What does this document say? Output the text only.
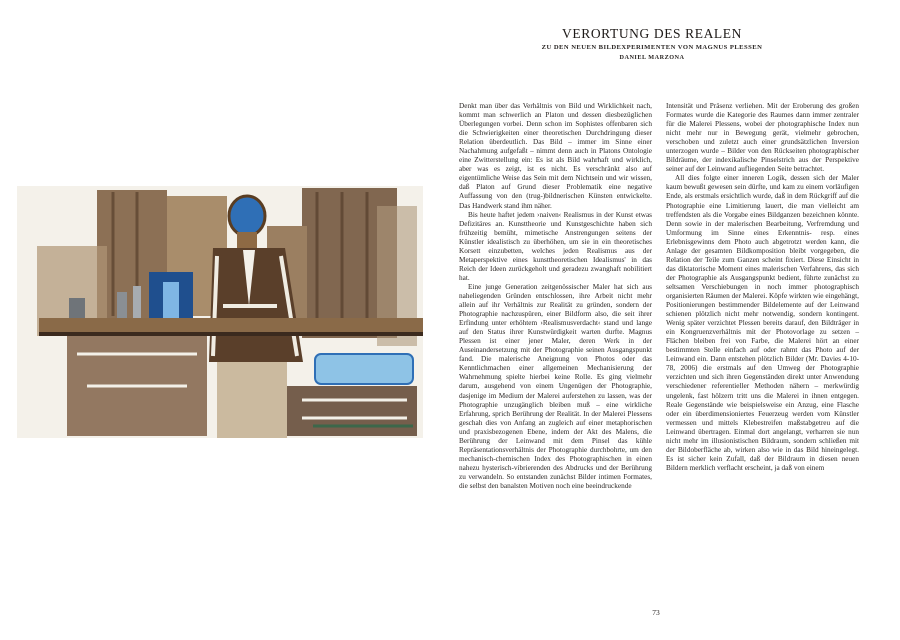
VERORTUNG DES REALEN
ZU DEN NEUEN BILDEXPERIMENTEN VON MAGNUS PLESSEN
DANIEL MARZONA

Denkt man über das Verhältnis von Bild und Wirklichkeit nach, kommt man schwerlich an Platon und dessen diesbezüglichen Überlegungen vorbei. Denn schon im Sophistes offenbaren sich die Schwierigkeiten einer theoretischen Durchdringung dieser Relation überdeutlich. Das Bild – immer im Sinne einer Nachahmung aufgefaßt – nimmt denn auch in Platons Ontologie eine Zwitterstellung ein: Es ist als Bild wahrhaft und wirklich, aber was es zeigt, ist es nicht. Es verschränkt also auf eigentümliche Weise das Sein mit dem Nichtsein und wir wissen, daß Platon auf Grund dieser Problematik eine negative Auffassung von den (trug-)bildnerischen Künsten entwickelte. Das Handwerk stand ihm näher.

Bis heute haftet jedem ›naiven‹ Realismus in der Kunst etwas Defizitäres an. Kunsttheorie und Kunstgeschichte haben sich frühzeitig bemüht, mimetische Anstrengungen seitens der Künstler idealistisch zu überhöhen, um sie in ein theoretisches Korsett einzubetten, welches jeden Realismus aus der Metaperspektive eines kunsttheoretischen Idealismus' in das Reich der Ideen zurückgeholt und geradezu zwanghaft nobilitiert hat.

Eine junge Generation zeitgenössischer Maler hat sich aus naheliegenden Gründen entschlossen, ihre Arbeit nicht mehr allein auf ihr Verhältnis zur Realität zu gründen, sondern der Photographie nachzuspüren, einer Bildform also, die seit ihrer Erfindung unter erhöhtem ›Realismusverdacht‹ stand und lange auf den Status ihrer Kunstwürdigkeit warten durfte. Magnus Plessen ist einer jener Maler, deren Werk in der Auseinandersetzung mit der Photographie seinen Ausgangspunkt fand. Die malerische Aneignung von Photos oder das Kenntlichmachen einer allgemeinen Mechanisierung der Wahrnehmung spielte hierbei keine Rolle. Es ging vielmehr darum, ausgehend von einem Ungenügen der Photographie, dasjenige im Medium der Malerei auferstehen zu lassen, was der Photographie unzugänglich bleiben muß – eine wirkliche Erfahrung, sprich Berührung der Realität. In der Malerei Plessens geschah dies von Anfang an zugleich auf einer metaphorischen und praxisbezogenen Ebene, indem der Akt des Malens, die Berührung der Leinwand mit dem Pinsel das kühle Repräsentationsverhältnis der Photographie durchbohrte, um den mechanisch-chemischen Index des Photographischen in einen nahezu hysterisch-vibrierenden des Abdrucks und der Berührung zu verwandeln. So entstanden zunächst Bilder intimen Formates, die selbst den banalsten Motiven noch eine beeindruckende

Intensität und Präsenz verliehen. Mit der Eroberung des großen Formates wurde die Kategorie des Raumes dann immer zentraler für die Malerei Plessens, wobei der photographische Index nun nicht mehr nur in Bewegung gerät, vielmehr gebrochen, verschoben und zuletzt auch einer grundsätzlichen Inversion unterzogen wurde – Bilder von den Rückseiten photographischer Bildräume, der indexikalische Pinselstrich aus der Perspektive seiner auf der Leinwand aufliegenden Seite betrachtet.

All dies folgte einer inneren Logik, dessen sich der Maler kaum bewußt gewesen sein dürfte, und kam zu einem vorläufigen Ende, als erstmals ersichtlich wurde, daß in dem Rückgriff auf die Photographie eine Limitierung lauert, die man vielleicht am treffendsten als die Vorgabe eines Bildganzen bezeichnen könnte. Denn sowie in der malerischen Bearbeitung, Verfremdung und Umformung im Sinne eines Erkenntnis- resp. eines Erlebnisgewinns dem Photo auch abgetrotzt werden kann, die Anlage der gesamten Bildkomposition bleibt vorgegeben, die Relation der Teile zum Ganzen scheint fixiert. Diese Einsicht in das diktatorische Moment eines malerischen Verfahrens, das sich der Photographie als Ausgangspunkt bedient, führte zunächst zu seltsamen Verschiebungen in noch immer photographisch organisierten Räumen der Malerei. Köpfe wirkten wie eingehängt, Positionierungen bestimmender Bildelemente auf der Leinwand schienen plötzlich nicht mehr notwendig, sondern kontingent. Wenig später verzichtet Plessen bereits darauf, den Bildträger in ein Kongruenzverhältnis mit der Photovorlage zu setzen – Flächen bleiben frei von Farbe, die Malerei hört an einer bestimmten Stelle einfach auf oder rahmt das Photo auf der Leinwand ein. Dann entstehen plötzlich Bilder (Mr. Davies 4-10-78, 2006) die erstmals auf den Umweg der Photographie verzichten und sich ihren Gegenständen direkt unter Anwendung verschiedener referentieller Methoden nähern – merkwürdig ungelenk, fast hölzern tritt uns die Malerei in ihnen entgegen. Reale Gegenstände wie beispielsweise ein Anzug, eine Flasche oder ein überdimensioniertes Feuerzeug werden vom Künstler vermessen und mittels Klebestreifen maßstabgetreu auf die Leinwand übertragen. Einmal dort angelangt, verharren sie nun nicht mehr im illusionistischen Bildraum, sondern schließen mit der Bildoberfläche ab, wirken also wie in das Bild hineingelegt. Es ist sicher kein Zufall, daß der Bildraum in diesen neuen Bildern merklich verflacht erscheint, ja daß von einem

73
